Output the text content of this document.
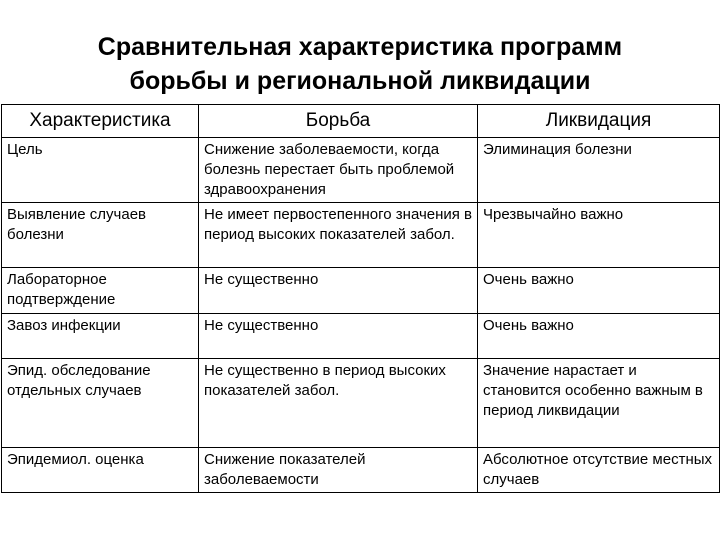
Сравнительная характеристика программ
борьбы и региональной ликвидации
Характеристика	Борьба	Ликвидация
Цель	Снижение заболеваемости, когда болезнь перестает быть проблемой здравоохранения	Элиминация болезни
Выявление случаев болезни	Не имеет первостепенного значения в период высоких показателей забол.	Чрезвычайно важно
Лабораторное подтверждение	Не существенно	Очень важно
Завоз инфекции	Не существенно	Очень важно
Эпид. обследование отдельных случаев	Не существенно в период высоких показателей забол.	Значение нарастает и становится особенно важным в период ликвидации
Эпидемиол. оценка	Снижение показателей заболеваемости	Абсолютное отсутствие местных случаев
